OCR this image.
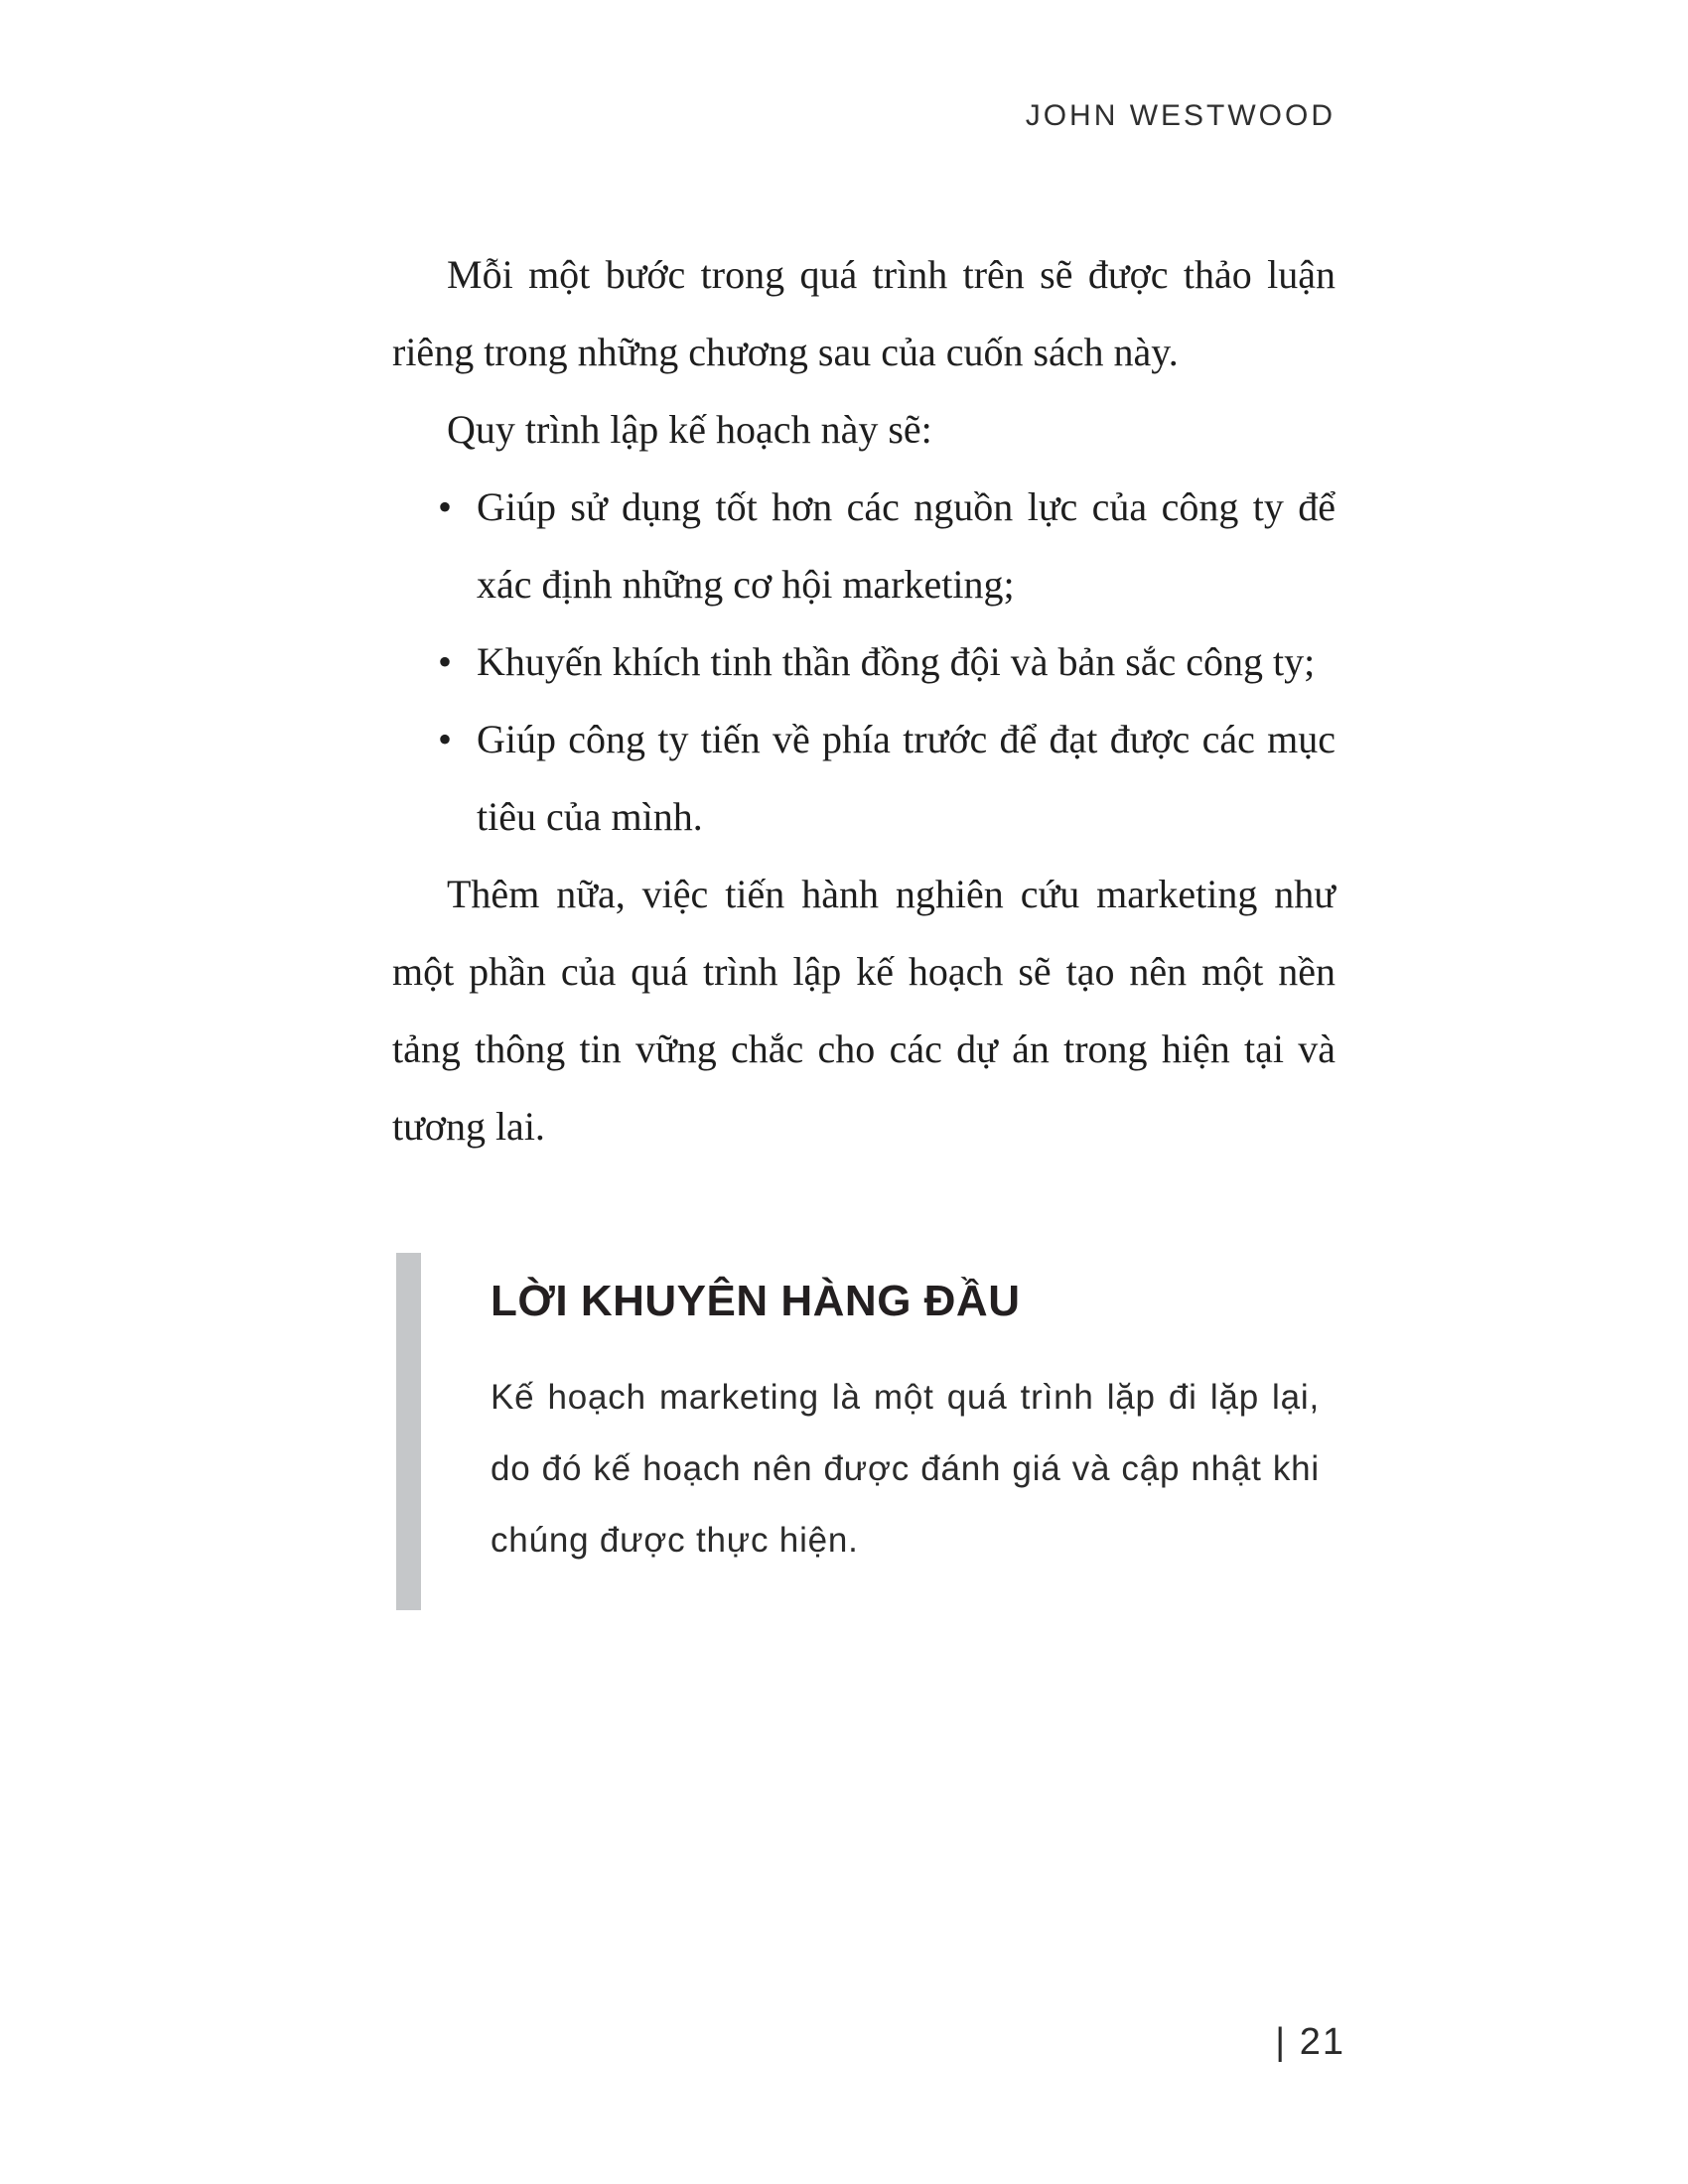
JOHN WESTWOOD

Mỗi một bước trong quá trình trên sẽ được thảo luận riêng trong những chương sau của cuốn sách này.

Quy trình lập kế hoạch này sẽ:

• Giúp sử dụng tốt hơn các nguồn lực của công ty để xác định những cơ hội marketing;
• Khuyến khích tinh thần đồng đội và bản sắc công ty;
• Giúp công ty tiến về phía trước để đạt được các mục tiêu của mình.

Thêm nữa, việc tiến hành nghiên cứu marketing như một phần của quá trình lập kế hoạch sẽ tạo nên một nền tảng thông tin vững chắc cho các dự án trong hiện tại và tương lai.

LỜI KHUYÊN HÀNG ĐẦU

Kế hoạch marketing là một quá trình lặp đi lặp lại, do đó kế hoạch nên được đánh giá và cập nhật khi chúng được thực hiện.

| 21
